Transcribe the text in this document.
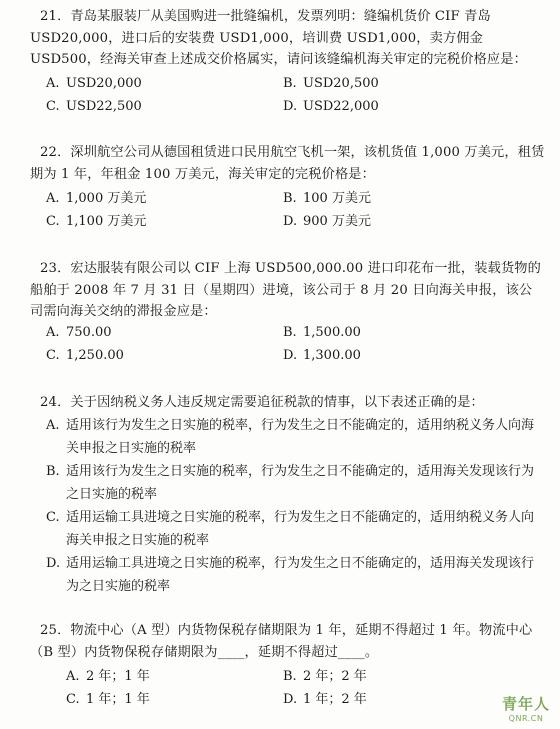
21．青岛某服装厂从美国购进一批缝编机，发票列明：缝编机货价 CIF 青岛 USD20,000，进口后的安装费 USD1,000，培训费 USD1,000，卖方佣金 USD500，经海关审查上述成交价格属实，请问该缝编机海关审定的完税价格应是：
A. USD20,000	B. USD20,500
C. USD22,500	D. USD22,000
22．深圳航空公司从德国租赁进口民用航空飞机一架，该机货值 1,000 万美元，租赁期为 1 年，年租金 100 万美元，海关审定的完税价格是：
A. 1,000 万美元	B. 100 万美元
C. 1,100 万美元	D. 900 万美元
23．宏达服装有限公司以 CIF 上海 USD500,000.00 进口印花布一批，装载货物的船舶于 2008 年 7 月 31 日（星期四）进境，该公司于 8 月 20 日向海关申报，该公司需向海关交纳的滞报金应是：
A. 750.00	B. 1,500.00
C. 1,250.00	D. 1,300.00
24．关于因纳税义务人违反规定需要追征税款的情事，以下表述正确的是：
A. 适用该行为发生之日实施的税率，行为发生之日不能确定的，适用纳税义务人向海关申报之日实施的税率
B. 适用该行为发生之日实施的税率，行为发生之日不能确定的，适用海关发现该行为之日实施的税率
C. 适用运输工具进境之日实施的税率，行为发生之日不能确定的，适用纳税义务人向海关申报之日实施的税率
D. 适用运输工具进境之日实施的税率，行为发生之日不能确定的，适用海关发现该行为之日实施的税率
25．物流中心（A 型）内货物保税存储期限为 1 年，延期不得超过 1 年。物流中心（B 型）内货物保税存储期限为____，延期不得超过____。
A. 2 年；1 年	B. 2 年；2 年
C. 1 年；1 年	D. 1 年；2 年	青年人
QNR.CN
